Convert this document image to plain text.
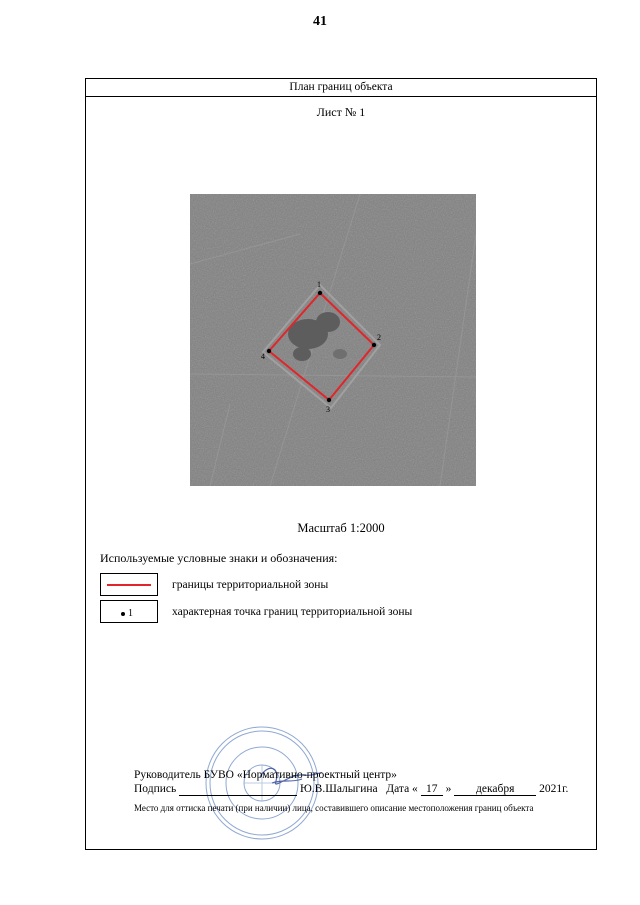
41
План границ объекта
Лист № 1
1
2
3
4
Масштаб 1:2000
Используемые условные знаки и обозначения:
границы территориальной зоны
1	характерная точка границ территориальной зоны
Руководитель БУВО «Нормативно-проектный центр»
Подпись	Ю.В.Шалыгина Дата « 17 » декабря 2021г.
Место для оттиска печати (при наличии) лица, составившего описание местоположения границ объекта
